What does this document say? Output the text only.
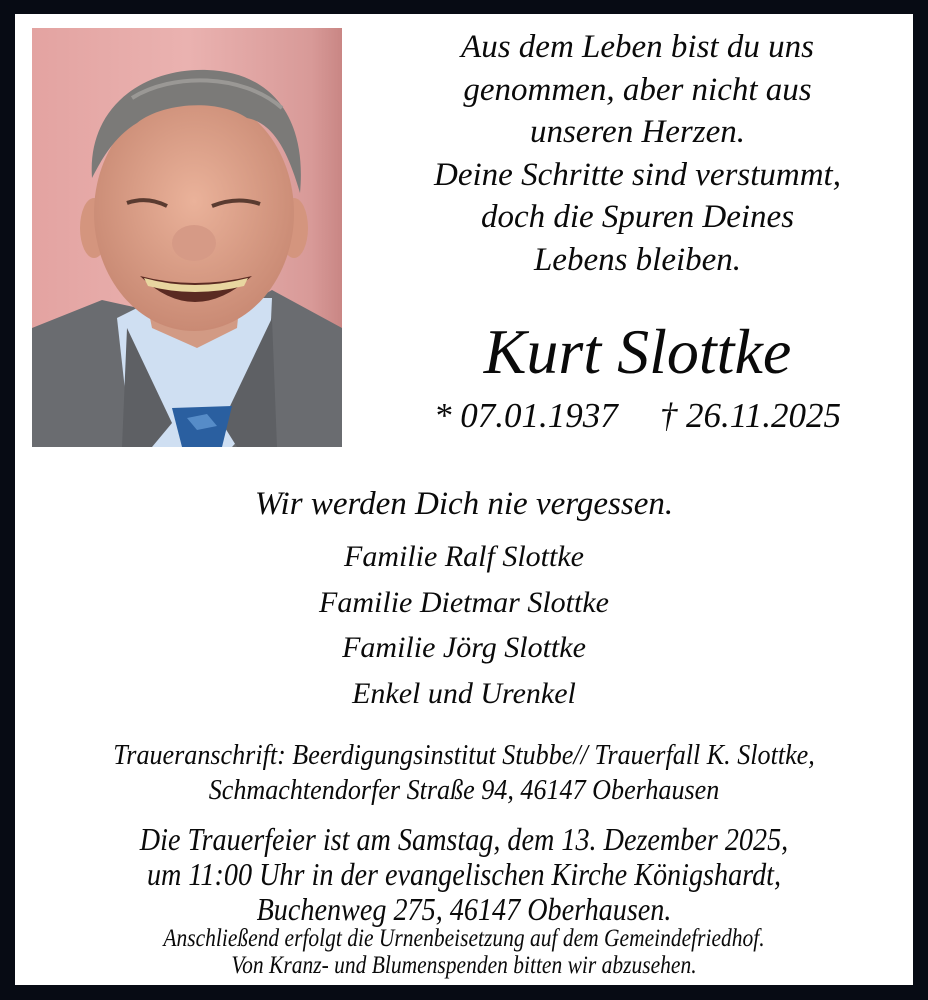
Aus dem Leben bist du uns
genommen, aber nicht aus
unseren Herzen.
Deine Schritte sind verstummt,
doch die Spuren Deines
Lebens bleiben.
Kurt Slottke
* 07.01.1937 † 26.11.2025
Wir werden Dich nie vergessen.
Familie Ralf Slottke
Familie Dietmar Slottke
Familie Jörg Slottke
Enkel und Urenkel
Traueranschrift: Beerdigungsinstitut Stubbe// Trauerfall K. Slottke,
Schmachtendorfer Straße 94, 46147 Oberhausen
Die Trauerfeier ist am Samstag, dem 13. Dezember 2025,
um 11:00 Uhr in der evangelischen Kirche Königshardt,
Buchenweg 275, 46147 Oberhausen.
Anschließend erfolgt die Urnenbeisetzung auf dem Gemeindefriedhof.
Von Kranz- und Blumenspenden bitten wir abzusehen.
